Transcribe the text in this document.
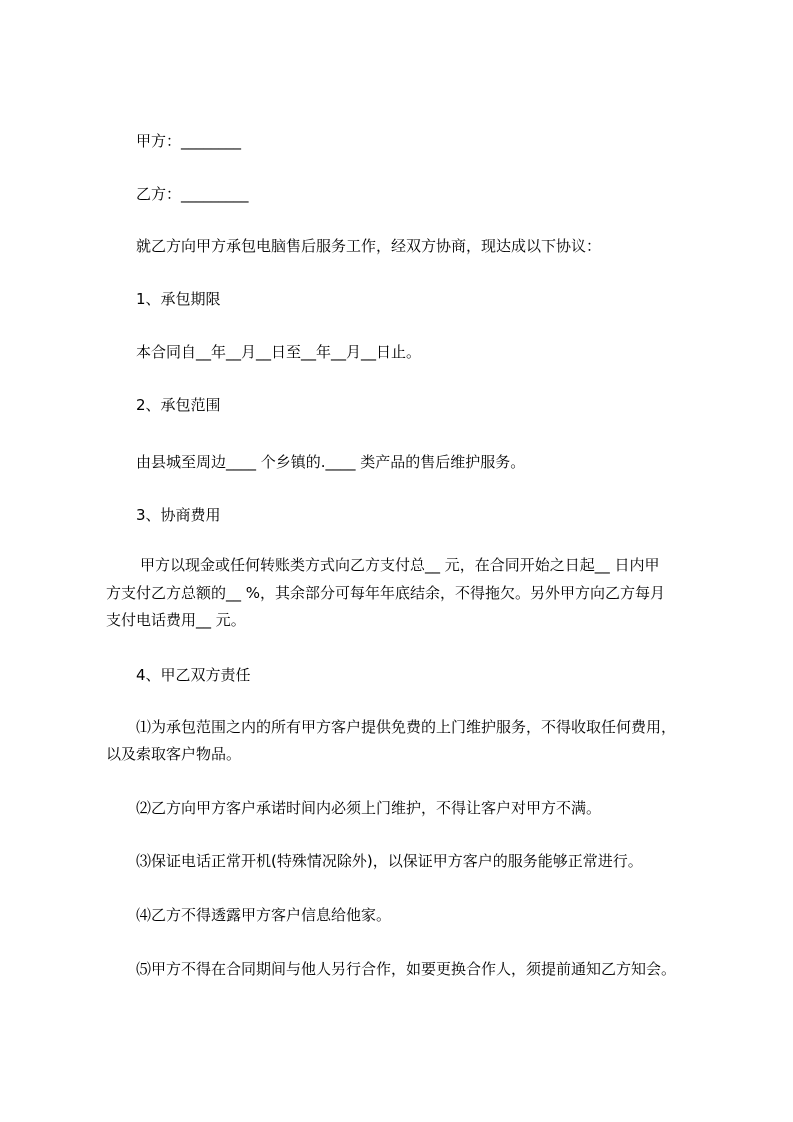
甲方：________
乙方：_________
就乙方向甲方承包电脑售后服务工作，经双方协商，现达成以下协议：
1、承包期限
本合同自__年__月__日至__年__月__日止。
2、承包范围
由县城至周边____ 个乡镇的.____ 类产品的售后维护服务。
3、协商费用
甲方以现金或任何转账类方式向乙方支付总__ 元，在合同开始之日起__ 日内甲
方支付乙方总额的__ %，其余部分可每年年底结余，不得拖欠。另外甲方向乙方每月
支付电话费用__ 元。
4、甲乙双方责任
⑴为承包范围之内的所有甲方客户提供免费的上门维护服务，不得收取任何费用，
以及索取客户物品。
⑵乙方向甲方客户承诺时间内必须上门维护，不得让客户对甲方不满。
⑶保证电话正常开机(特殊情况除外)，以保证甲方客户的服务能够正常进行。
⑷乙方不得透露甲方客户信息给他家。
⑸甲方不得在合同期间与他人另行合作，如要更换合作人，须提前通知乙方知会。
